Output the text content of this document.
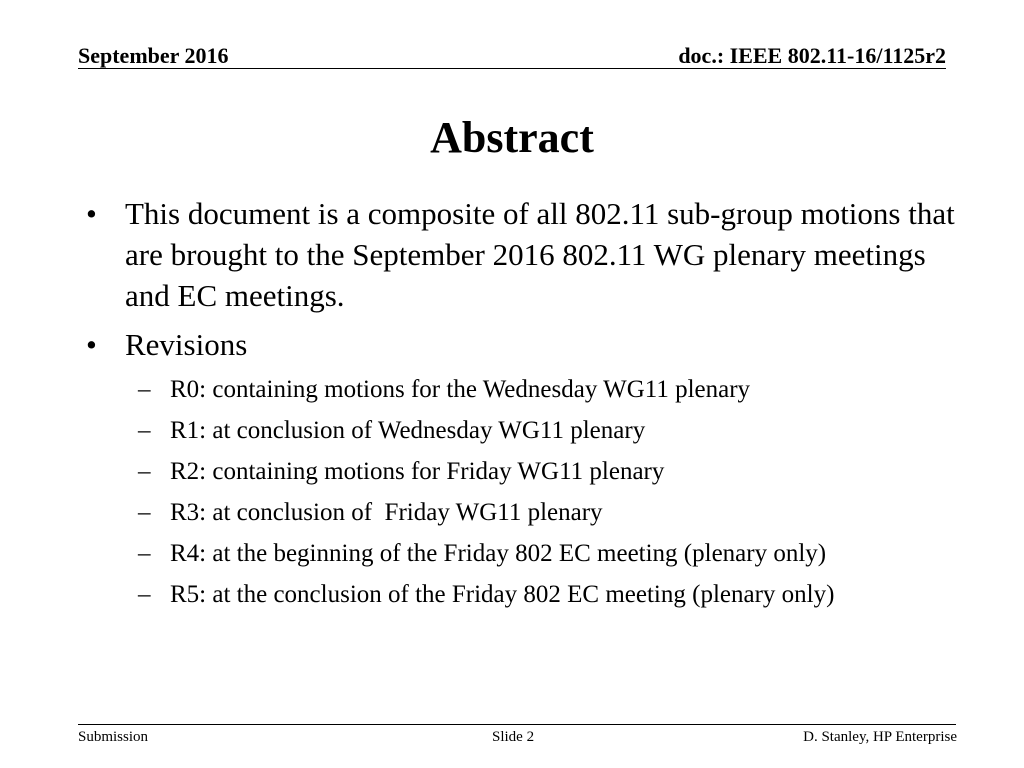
September 2016	doc.: IEEE 802.11-16/1125r2
Abstract
• This document is a composite of all 802.11 sub-group motions that are brought to the September 2016 802.11 WG plenary meetings and EC meetings.
• Revisions
– R0: containing motions for the Wednesday WG11 plenary
– R1: at conclusion of Wednesday WG11 plenary
– R2: containing motions for Friday WG11 plenary
– R3: at conclusion of  Friday WG11 plenary
– R4: at the beginning of the Friday 802 EC meeting (plenary only)
– R5: at the conclusion of the Friday 802 EC meeting (plenary only)
Submission	Slide 2	D. Stanley, HP Enterprise
